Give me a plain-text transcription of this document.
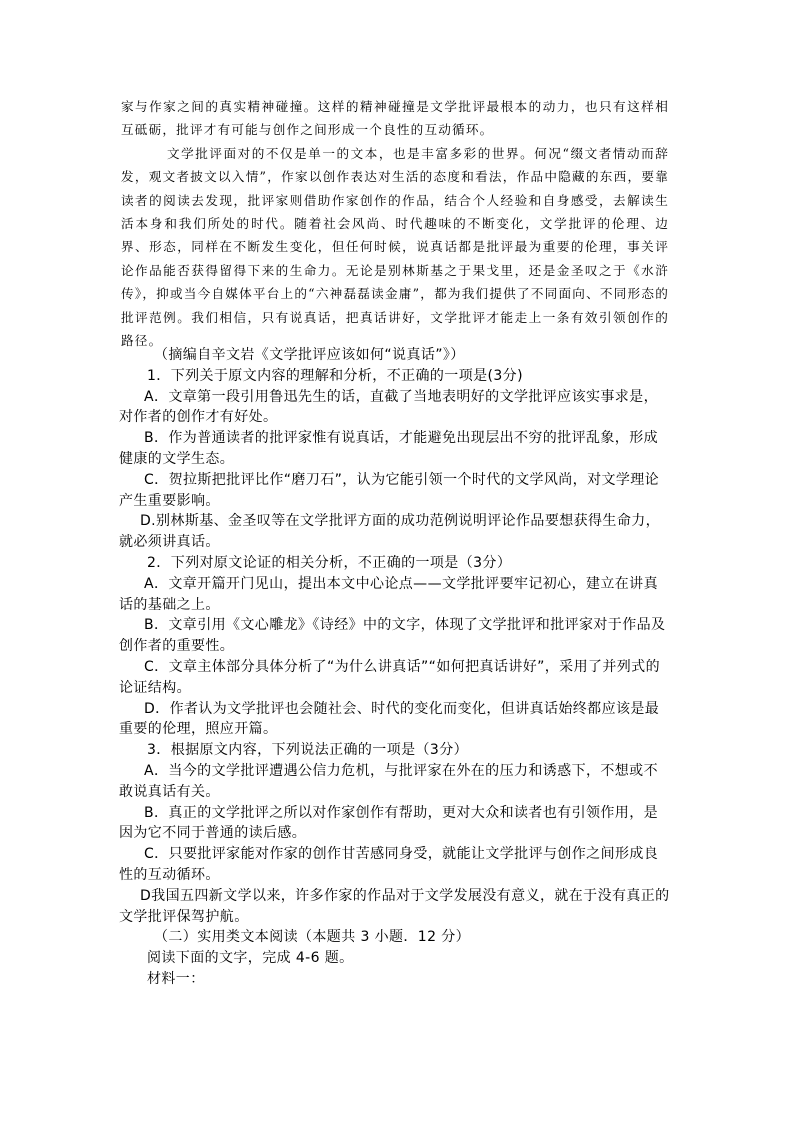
家与作家之间的真实精神碰撞。这样的精神碰撞是文学批评最根本的动力，也只有这样相互砥砺，批评才有可能与创作之间形成一个良性的互动循环。

文学批评面对的不仅是单一的文本，也是丰富多彩的世界。何况“缀文者情动而辞发，观文者披文以入情”，作家以创作表达对生活的态度和看法，作品中隐藏的东西，要靠读者的阅读去发现，批评家则借助作家创作的作品，结合个人经验和自身感受，去解读生活本身和我们所处的时代。随着社会风尚、时代趣味的不断变化，文学批评的伦理、边界、形态，同样在不断发生变化，但任何时候，说真话都是批评最为重要的伦理，事关评论作品能否获得留得下来的生命力。无论是别林斯基之于果戈里，还是金圣叹之于《水浒传》，抑或当今自媒体平台上的“六神磊磊读金庸”，都为我们提供了不同面向、不同形态的批评范例。我们相信，只有说真话，把真话讲好，文学批评才能走上一条有效引领创作的路径。

（摘编自辛文岩《文学批评应该如何“说真话”》）

1．下列关于原文内容的理解和分析，不正确的一项是(3分)

A．文章第一段引用鲁迅先生的话，直截了当地表明好的文学批评应该实事求是，对作者的创作才有好处。

B．作为普通读者的批评家惟有说真话，才能避免出现层出不穷的批评乱象，形成健康的文学生态。

C．贺拉斯把批评比作“磨刀石”，认为它能引领一个时代的文学风尚，对文学理论产生重要影响。

D.别林斯基、金圣叹等在文学批评方面的成功范例说明评论作品要想获得生命力，就必须讲真话。

2．下列对原文论证的相关分析，不正确的一项是（3分）

A．文章开篇开门见山，提出本文中心论点——文学批评要牢记初心，建立在讲真话的基础之上。

B．文章引用《文心雕龙》《诗经》中的文字，体现了文学批评和批评家对于作品及创作者的重要性。

C．文章主体部分具体分析了“为什么讲真话”“如何把真话讲好”，采用了并列式的论证结构。

D．作者认为文学批评也会随社会、时代的变化而变化，但讲真话始终都应该是最重要的伦理，照应开篇。

3．根据原文内容，下列说法正确的一项是（3分）

A．当今的文学批评遭遇公信力危机，与批评家在外在的压力和诱惑下，不想或不敢说真话有关。

B．真正的文学批评之所以对作家创作有帮助，更对大众和读者也有引领作用，是因为它不同于普通的读后感。

C．只要批评家能对作家的创作甘苦感同身受，就能让文学批评与创作之间形成良性的互动循环。

D我国五四新文学以来，许多作家的作品对于文学发展没有意义，就在于没有真正的文学批评保驾护航。

（二）实用类文本阅读（本题共 3 小题．12 分）

阅读下面的文字，完成 4-6 题。

材料一：
